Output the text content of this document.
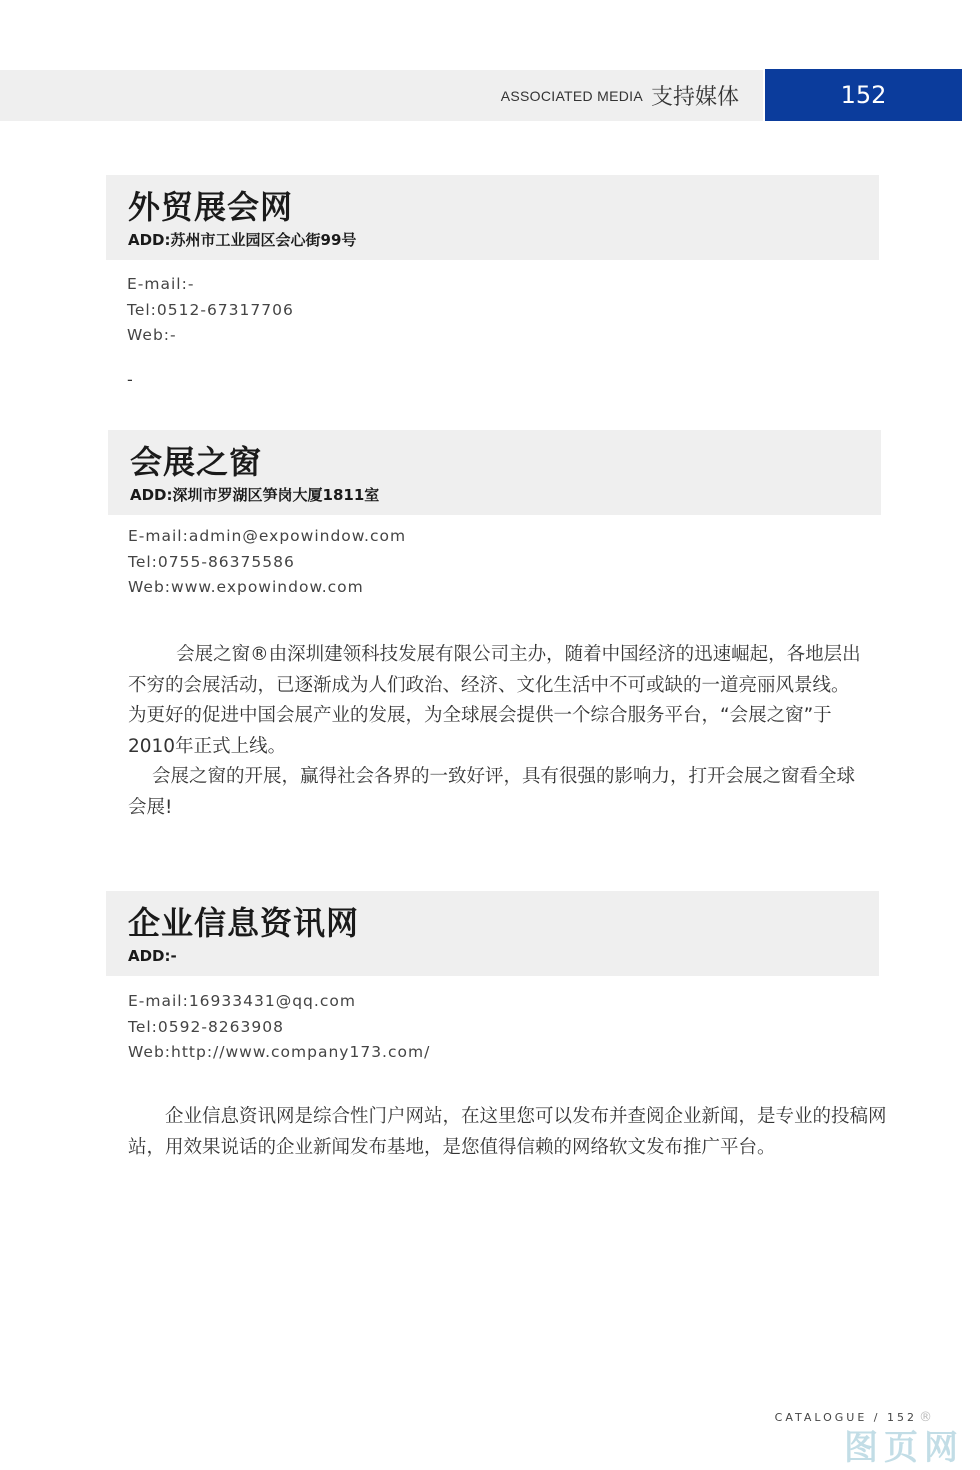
ASSOCIATED MEDIA 支持媒体	152
外贸展会网
ADD:苏州市工业园区会心街99号
E-mail:-
Tel:0512-67317706
Web:-
-
会展之窗
ADD:深圳市罗湖区笋岗大厦1811室
E-mail:admin@expowindow.com
Tel:0755-86375586
Web:www.expowindow.com

会展之窗®由深圳建领科技发展有限公司主办，随着中国经济的迅速崛起，各地层出不穷的会展活动，已逐渐成为人们政治、经济、文化生活中不可或缺的一道亮丽风景线。为更好的促进中国会展产业的发展，为全球展会提供一个综合服务平台，“会展之窗”于2010年正式上线。

会展之窗的开展，赢得社会各界的一致好评，具有很强的影响力，打开会展之窗看全球会展!

企业信息资讯网
ADD:-
E-mail:16933431@qq.com
Tel:0592-8263908
Web:http://www.company173.com/

企业信息资讯网是综合性门户网站，在这里您可以发布并查阅企业新闻，是专业的投稿网站，用效果说话的企业新闻发布基地，是您值得信赖的网络软文发布推广平台。

CATALOGUE / 152 ®
图页网
